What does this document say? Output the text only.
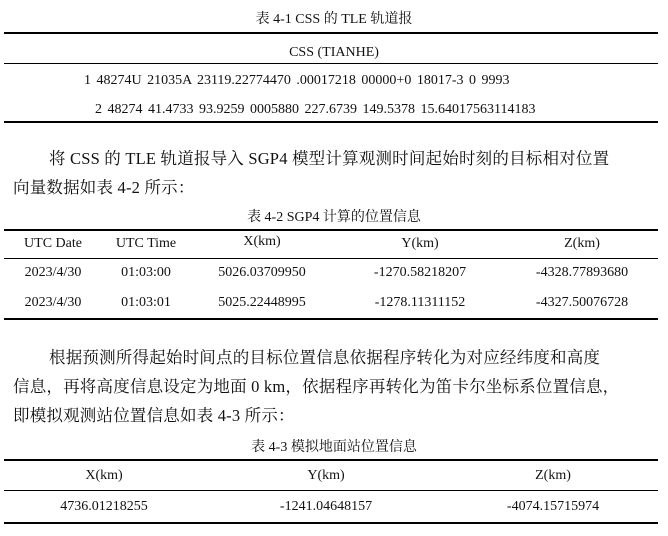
表 4-1 CSS 的 TLE 轨道报
CSS (TIANHE)
1 48274U 21035A 23119.22774470 .00017218 00000+0 18017-3 0 9993
2 48274 41.4733 93.9259 0005880 227.6739 149.5378 15.64017563114183

将 CSS 的 TLE 轨道报导入 SGP4 模型计算观测时间起始时刻的目标相对位置

向量数据如表 4-2 所示：

表 4-2 SGP4 计算的位置信息
UTC Date	UTC Time	X(km)	Y(km)	Z(km)
2023/4/30	01:03:00	5026.03709950	-1270.58218207	-4328.77893680
2023/4/30	01:03:01	5025.22448995	-1278.11311152	-4327.50076728

根据预测所得起始时间点的目标位置信息依据程序转化为对应经纬度和高度

信息，再将高度信息设定为地面 0 km，依据程序再转化为笛卡尔坐标系位置信息，

即模拟观测站位置信息如表 4-3 所示：

表 4-3 模拟地面站位置信息
X(km)	Y(km)	Z(km)
4736.01218255	-1241.04648157	-4074.15715974
